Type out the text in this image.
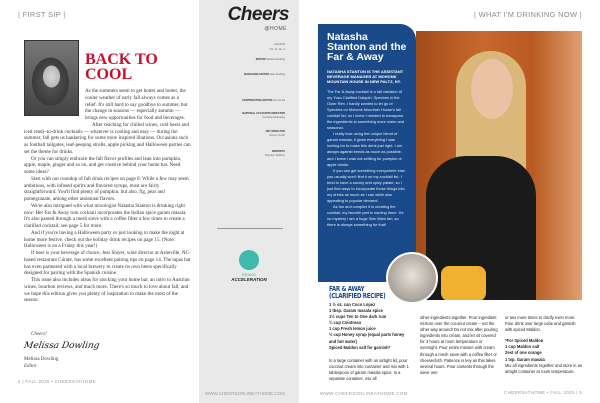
| FIRST SIP |
BACK TO
COOL

As the summers seem to get hotter and hotter, the cooler weather of early fall always comes as a relief. It's still hard to say goodbye to summer, but the change in seasons — especially autumn — brings new opportunities for food and beverages.

After reaching for chilled wines, cold beers and iced ready-to-drink cocktails — whatever is cooling and easy — during the summer, fall gets us hankering for some more inspired libations. Occasions such as football tailgates, leaf-peeping strolls, apple picking and Halloween parties can set the theme for drinks.

Or you can simply embrace the fall flavor profiles and lean into pumpkin, apple, maple, ginger and so on, and get creative behind your home bar. Need some ideas?

Start with our roundup of fall drink recipes on page 8. While a few may seem ambitious, with infused spirits and flavored syrups, most are fairly straightforward. You'll find plenty of pumpkin, but also, fig, pear and pomegranate, among other autumnal flavors.

We're also intrigued with what mixologist Natasha Stanton is drinking right now: Her Far & Away rum cocktail incorporates the Indian spice garam masala. It's also passed through a mesh sieve with a coffee filter a few times to create a clarified cocktail; see page 5 for more.

And if you're having a Halloween party or just looking to make the night at home more festive, check out the holiday drink recipes on page 15. (Note: Halloween is on a Friday this year!)

If beer is your beverage of choice, Jess Slayer, wine director at Asheville, NC-based restaurant Cúrate, has some excellent pairing tips on page 14. The tapas bar has even partnered with a local brewery to create its own beers specifically designed for pairing with the Spanish cuisine.

This issue also includes ideas for stocking your home bar, an intro to Austrian wines, bourbon reviews, and much more. There's so much to love about fall, and we hope this edition gives you plenty of inspiration to make the most of the season.

Cheers!
Melissa Dowling
Melissa Dowling
Editor
4 | FALL 2025 • CHEERSATHOME
Cheers
@HOME
Fall 2025
Vol. 11, No. 3
EDITOR Melissa Dowling
MANAGING EDITOR Kate Dowling
CONTRIBUTING EDITOR Dennis Ek
NATIONAL ACCOUNTS DIRECTOR
Kimberly Eisenberg
ART DIRECTOR
Jeremy Smith
REPRINTS
Brandon Wolfson
BRAND
ACCELERATION
WWW.CHEERSONLINEATHOME.COM
| WHAT I'M DRINKING NOW |
Natasha Stanton and the Far & Away
NATASHA STANTON IS THE ASSISTANT BEVERAGE MANAGER AT MOHONK MOUNTAIN HOUSE IN NEW PALTZ, NY.

The Far & Away cocktail is a fall variation of my Yuzu Clarified Daiquiri, Spectres in the Outer Rim. I hardly wanted to let go of Spectres on Mohonk Mountain House's fall cocktail list, so I knew I needed to transpose the ingredients to something more warm and seasonal.

I really love using the unique blend of garam masala, it gives everything I was looking for to make this drink just right. I am always against trends as much as possible, and I knew I was not settling for pumpkin or apple drinks.

If you can get something everywhere else, you usually won't find it on my cocktail list. I tend to have a savory and spicy palate, so I just find ways to incorporate those things into my drinks as much as I can while also appealing to popular demand.

As fun and complex it is creating the cocktail, my favorite part is naming them. It's no mystery I am a huge Star Wars fan, so there is always something for that!

FAR & AWAY
(CLARIFIED RECIPE)
1 ½ oz. can Coco Lopez
1 tbsp. Garam masala spice
1½ cups Ten to One dark rum
¾ cup Cointreau
1 cup Fresh lemon juice
½ cup Honey syrup (equal parts honey and hot water)
Spiced Maldon salt for garnish*
In a large container with an airtight lid, pour coconut cream into container and mix with 1 tablespoon of garam masala spice. In a separate container, mix all
other ingredients together. Pour ingredient mixture over the coconut cream – not the other way around! Do not mix after pouring ingredients into cream, and let sit covered for 3 hours at room temperature or overnight. Pour entire mixture with cream through a mesh sieve with a coffee filter or cheesecloth. Patience is key as this takes several hours. Pour contents through the sieve one
or two more times to clarify even more. Pour drink over large cube and garnish with spiced Maldon.
*For Spiced Maldon
1 cup Maldon salt
Zest of one orange
1 tsp. Garam masala
Mix all ingredients together and store in an airtight container at room temperature.
WWW.CHEERSONLINEATHOME.COM	CHEERSATHOME • FALL 2025 | 5
